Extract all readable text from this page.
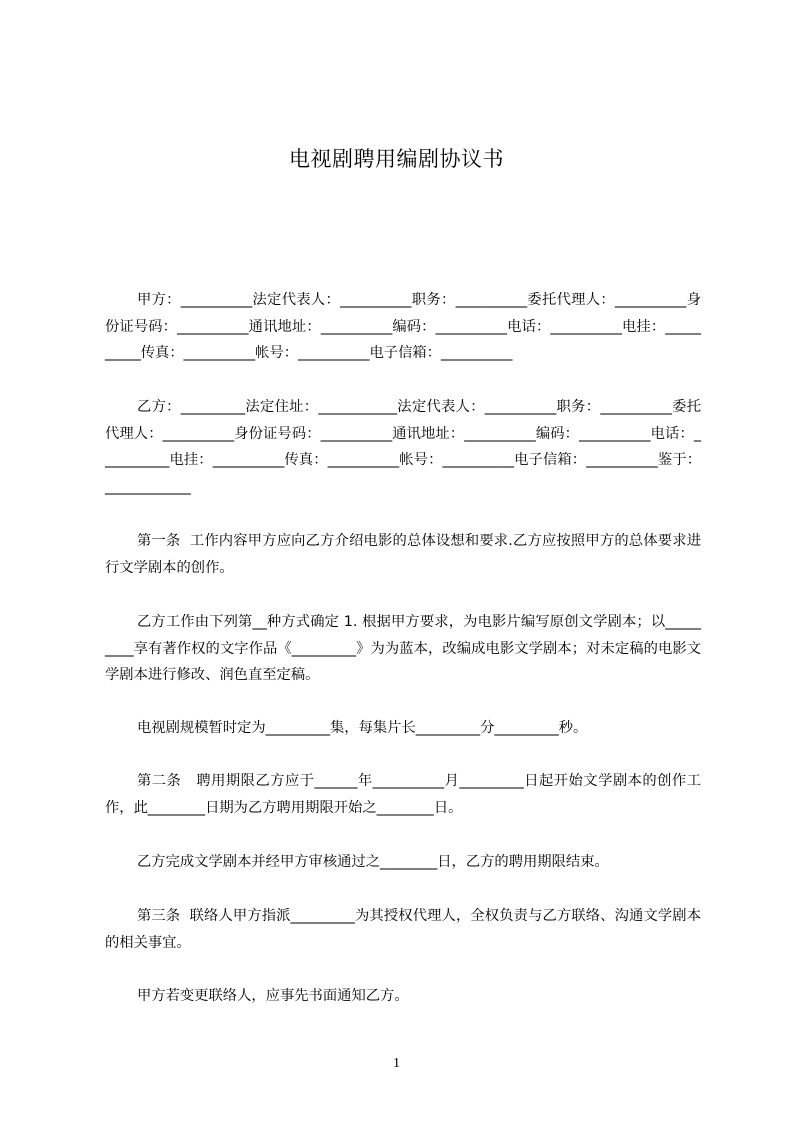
电视剧聘用编剧协议书
甲方：__________法定代表人：__________职务：__________委托代理人：__________身份证号码：__________通讯地址：__________编码：__________电话：__________电挂：__________传真：__________帐号：__________电子信箱：__________
乙方：_________法定住址：___________法定代表人：__________职务：__________委托代理人：__________身份证号码：__________通讯地址：__________编码：__________电话：__________电挂：__________传真：__________帐号：__________电子信箱：__________鉴于：____________
第一条  工作内容甲方应向乙方介绍电影的总体设想和要求.乙方应按照甲方的总体要求进行文学剧本的创作。
乙方工作由下列第__种方式确定 1. 根据甲方要求，为电影片编写原创文学剧本；以_________享有著作权的文字作品《_________》为为蓝本，改编成电影文学剧本；对未定稿的电影文学剧本进行修改、润色直至定稿。
电视剧规模暂时定为_________集，每集片长_________分_________秒。
第二条   聘用期限乙方应于______年__________月_________日起开始文学剧本的创作工作，此________日期为乙方聘用期限开始之________日。
乙方完成文学剧本并经甲方审核通过之________日，乙方的聘用期限结束。
第三条  联络人甲方指派_________为其授权代理人，全权负责与乙方联络、沟通文学剧本的相关事宜。
甲方若变更联络人，应事先书面通知乙方。
1
